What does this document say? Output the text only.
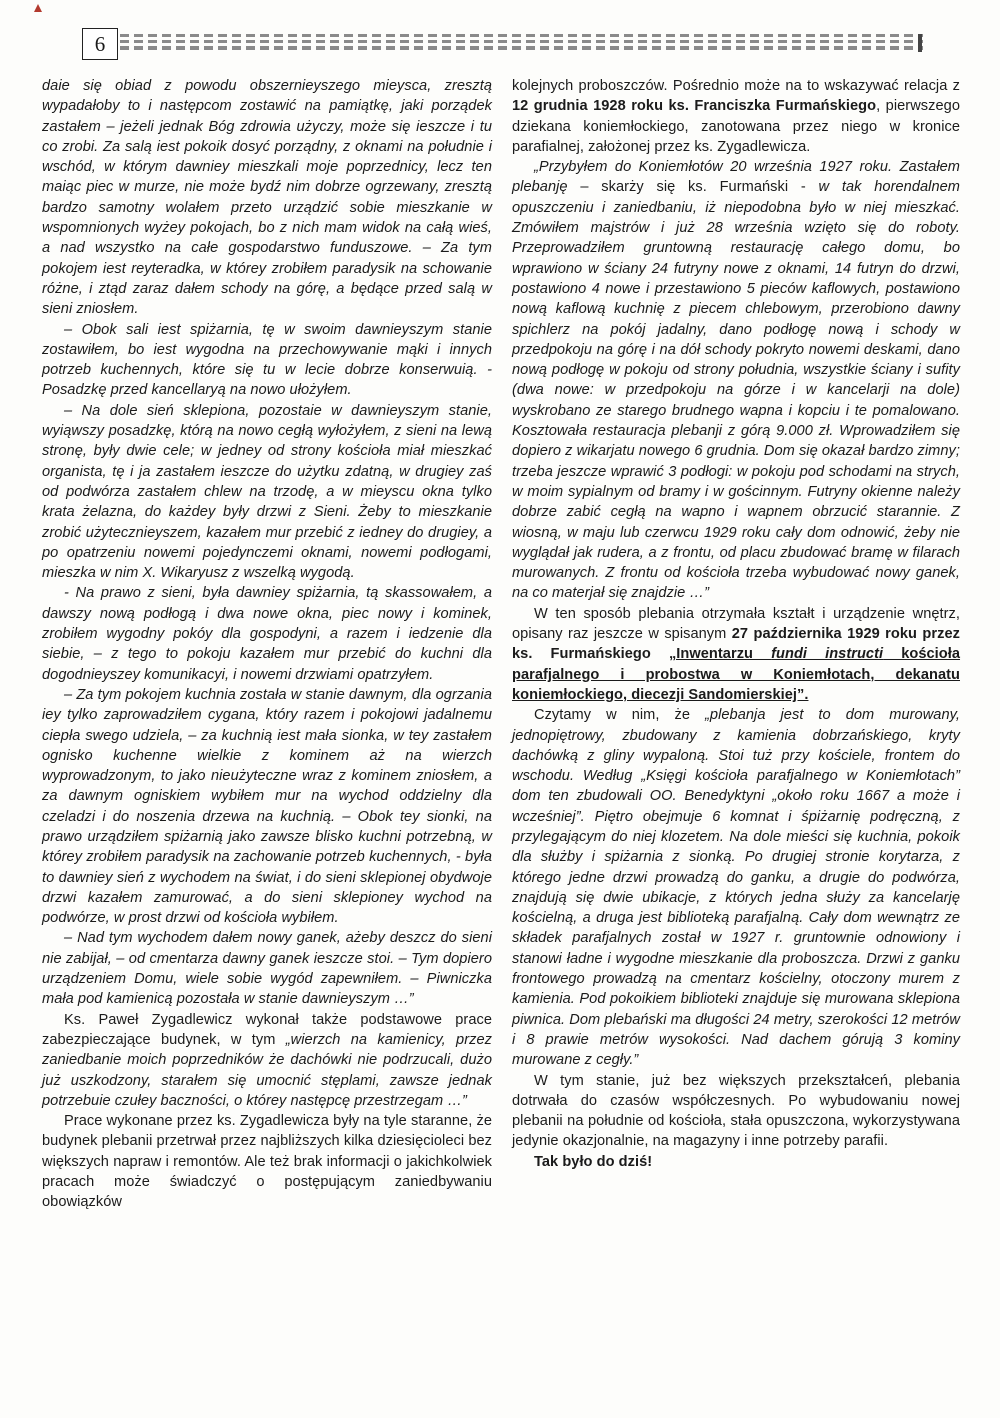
6

daie się obiad z powodu obszernieyszego mieysca, zresztą wypadałoby to i następcom zostawić na pamiątkę, jaki porządek zastałem – jeżeli jednak Bóg zdrowia użyczy, może się ieszcze i tu co zrobi. Za salą iest pokoik dosyć porządny, z oknami na południe i wschód, w którym dawniey mieszkali moje poprzednicy, lecz ten maiąc piec w murze, nie może bydź nim dobrze ogrzewany, zresztą bardzo samotny wolałem przeto urządzić sobie mieszkanie w wspomnionych wyżey pokojach, bo z nich mam widok na całą wieś, a nad wszystko na całe gospodarstwo funduszowe. – Za tym pokojem iest reyteradka, w którey zrobiłem paradysik na schowanie różne, i ztąd zaraz dałem schody na górę, a będące przed salą w sieni zniosłem.

– Obok sali iest spiżarnia, tę w swoim dawnieyszym stanie zostawiłem, bo iest wygodna na przechowywanie mąki i innych potrzeb kuchennych, które się tu w lecie dobrze konserwuią. - Posadzkę przed kancellaryą na nowo ułożyłem.

– Na dole sień sklepiona, pozostaie w dawnieyszym stanie, wyiąwszy posadzkę, którą na nowo cegłą wyłożyłem, z sieni na lewą stronę, były dwie cele; w jedney od strony kościoła miał mieszkać organista, tę i ja zastałem ieszcze do użytku zdatną, w drugiey zaś od podwórza zastałem chlew na trzodę, a w mieyscu okna tylko krata żelazna, do każdey były drzwi z Sieni. Żeby to mieszkanie zrobić użytecznieyszem, kazałem mur przebić z iedney do drugiey, a po opatrzeniu nowemi pojedynczemi oknami, nowemi podłogami, mieszka w nim X. Wikaryusz z wszelką wygodą.

- Na prawo z sieni, była dawniey spiżarnia, tą skassowałem, a dawszy nową podłogą i dwa nowe okna, piec nowy i kominek, zrobiłem wygodny pokóy dla gospodyni, a razem i iedzenie dla siebie, – z tego to pokoju kazałem mur przebić do kuchni dla dogodnieyszey komunikacyi, i nowemi drzwiami opatrzyłem.

– Za tym pokojem kuchnia została w stanie dawnym, dla ogrzania iey tylko zaprowadziłem cygana, który razem i pokojowi jadalnemu ciepła swego udziela, – za kuchnią iest mała sionka, w tey zastałem ognisko kuchenne wielkie z kominem aż na wierzch wyprowadzonym, to jako nieużyteczne wraz z kominem zniosłem, a za dawnym ogniskiem wybiłem mur na wychod oddzielny dla czeladzi i do noszenia drzewa na kuchnią. – Obok tey sionki, na prawo urządziłem spiżarnią jako zawsze blisko kuchni potrzebną, w którey zrobiłem paradysik na zachowanie potrzeb kuchennych, - była to dawniey sień z wychodem na świat, i do sieni sklepionej obydwoje drzwi kazałem zamurować, a do sieni sklepioney wychod na podwórze, w prost drzwi od kościoła wybiłem.

– Nad tym wychodem dałem nowy ganek, ażeby deszcz do sieni nie zabijał, – od cmentarza dawny ganek ieszcze stoi. – Tym dopiero urządzeniem Domu, wiele sobie wygód zapewniłem. – Piwniczka mała pod kamienicą pozostała w stanie dawnieyszym …”

Ks. Paweł Zygadlewicz wykonał także podstawowe prace zabezpieczające budynek, w tym „wierzch na kamienicy, przez zaniedbanie moich poprzedników że dachówki nie podrzucali, dużo już uszkodzony, starałem się umocnić stęplami, zawsze jednak potrzebuie czułey baczności, o którey następcę przestrzegam …”

Prace wykonane przez ks. Zygadlewicza były na tyle staranne, że budynek plebanii przetrwał przez najbliższych kilka dziesięcioleci bez większych napraw i remontów. Ale też brak informacji o jakichkolwiek pracach może świadczyć o postępującym zaniedbywaniu obowiązków

kolejnych proboszczów. Pośrednio może na to wskazywać relacja z 12 grudnia 1928 roku ks. Franciszka Furmańskiego, pierwszego dziekana koniemłockiego, zanotowana przez niego w kronice parafialnej, założonej przez ks. Zygadlewicza.

„Przybyłem do Koniemłotów 20 września 1927 roku. Zastałem plebanję – skarży się ks. Furmański - w tak horendalnem opuszczeniu i zaniedbaniu, iż niepodobna było w niej mieszkać. Zmówiłem majstrów i już 28 września wzięto się do roboty. Przeprowadziłem gruntowną restaurację całego domu, bo wprawiono w ściany 24 futryny nowe z oknami, 14 futryn do drzwi, postawiono 4 nowe i przestawiono 5 pieców kaflowych, postawiono nową kaflową kuchnię z piecem chlebowym, przerobiono dawny spichlerz na pokój jadalny, dano podłogę nową i schody w przedpokoju na górę i na dół schody pokryto nowemi deskami, dano nową podłogę w pokoju od strony południa, wszystkie ściany i sufity (dwa nowe: w przedpokoju na górze i w kancelarji na dole) wyskrobano ze starego brudnego wapna i kopciu i te pomalowano. Kosztowała restauracja plebanji z górą 9.000 zł. Wprowadziłem się dopiero z wikarjatu nowego 6 grudnia. Dom się okazał bardzo zimny; trzeba jeszcze wprawić 3 podłogi: w pokoju pod schodami na strych, w moim sypialnym od bramy i w gościnnym. Futryny okienne należy dobrze zabić cegłą na wapno i wapnem obrzucić starannie. Z wiosną, w maju lub czerwcu 1929 roku cały dom odnowić, żeby nie wyglądał jak rudera, a z frontu, od placu zbudować bramę w filarach murowanych. Z frontu od kościoła trzeba wybudować nowy ganek, na co materjał się znajdzie …”

W ten sposób plebania otrzymała kształt i urządzenie wnętrz, opisany raz jeszcze w spisanym 27 października 1929 roku przez ks. Furmańskiego „Inwentarzu fundi instructi kościoła parafjalnego i probostwa w Koniemłotach, dekanatu koniemłockiego, diecezji Sandomierskiej”.

Czytamy w nim, że „plebanja jest to dom murowany, jednopiętrowy, zbudowany z kamienia dobrzańskiego, kryty dachówką z gliny wypaloną. Stoi tuż przy kościele, frontem do wschodu. Według „Księgi kościoła parafjalnego w Koniemłotach” dom ten zbudowali OO. Benedyktyni „około roku 1667 a może i wcześniej”. Piętro obejmuje 6 komnat i śpiżarnię podręczną, z przylegającym do niej klozetem. Na dole mieści się kuchnia, pokoik dla służby i spiżarnia z sionką. Po drugiej stronie korytarza, z którego jedne drzwi prowadzą do ganku, a drugie do podwórza, znajdują się dwie ubikacje, z których jedna służy za kancelarję kościelną, a druga jest biblioteką parafjalną. Cały dom wewnątrz ze składek parafjalnych został w 1927 r. gruntownie odnowiony i stanowi ładne i wygodne mieszkanie dla proboszcza. Drzwi z ganku frontowego prowadzą na cmentarz kościelny, otoczony murem z kamienia. Pod pokoikiem biblioteki znajduje się murowana sklepiona piwnica. Dom plebański ma długości 24 metry, szerokości 12 metrów i 8 prawie metrów wysokości. Nad dachem górują 3 kominy murowane z cegły.”

W tym stanie, już bez większych przekształceń, plebania dotrwała do czasów współczesnych. Po wybudowaniu nowej plebanii na południe od kościoła, stała opuszczona, wykorzystywana jedynie okazjonalnie, na magazyny i inne potrzeby parafii.

Tak było do dziś!
